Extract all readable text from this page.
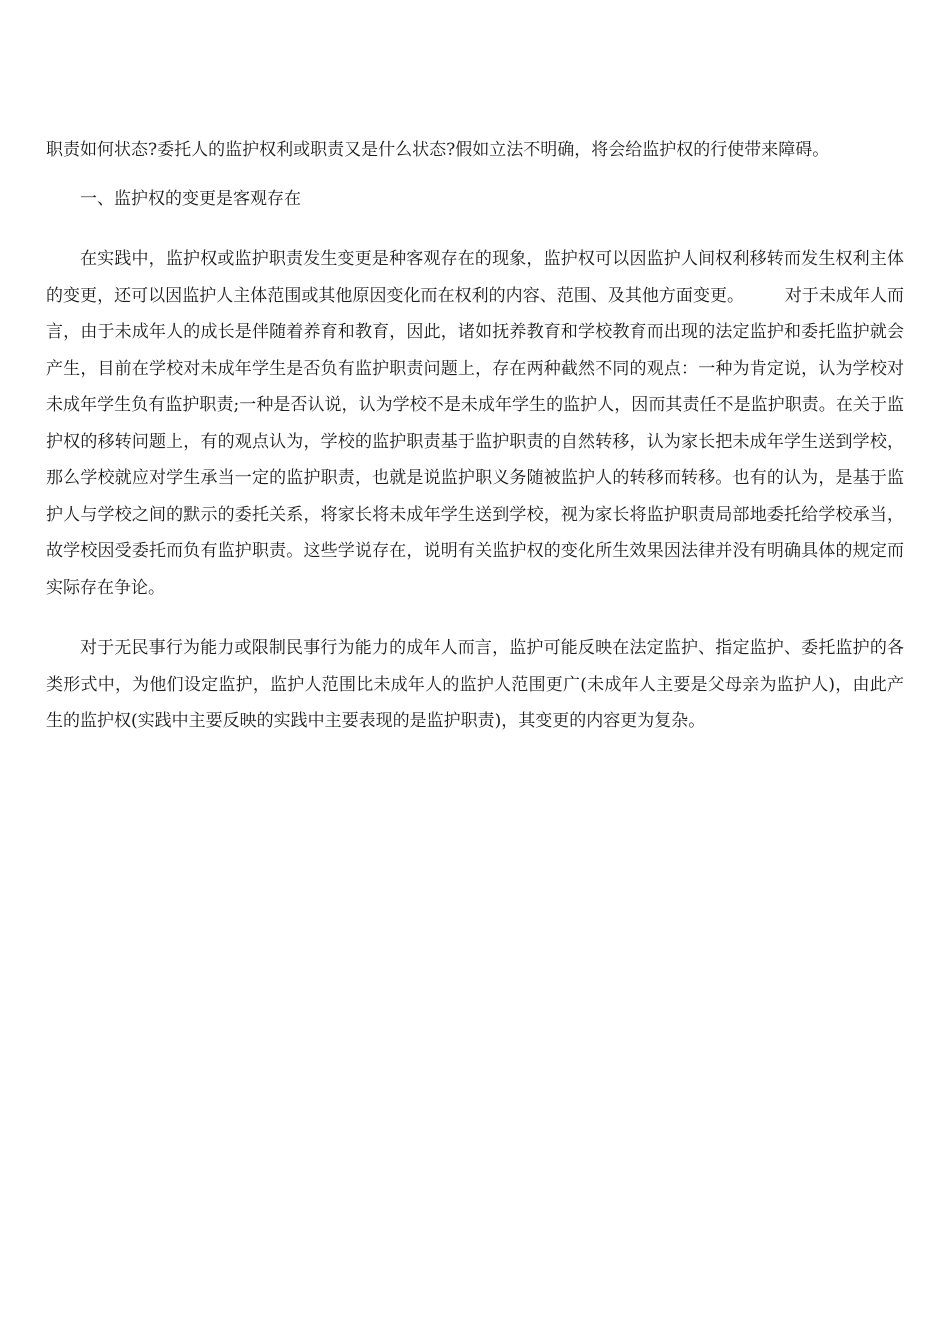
职责如何状态?委托人的监护权利或职责又是什么状态?假如立法不明确，将会给监护权的行使带来障碍。

一、监护权的变更是客观存在

在实践中，监护权或监护职责发生变更是种客观存在的现象，监护权可以因监护人间权利移转而发生权利主体的变更，还可以因监护人主体范围或其他原因变化而在权利的内容、范围、及其他方面变更。 对于未成年人而言，由于未成年人的成长是伴随着养育和教育，因此，诸如抚养教育和学校教育而出现的法定监护和委托监护就会产生，目前在学校对未成年学生是否负有监护职责问题上，存在两种截然不同的观点：一种为肯定说，认为学校对未成年学生负有监护职责;一种是否认说，认为学校不是未成年学生的监护人，因而其责任不是监护职责。在关于监护权的移转问题上，有的观点认为，学校的监护职责基于监护职责的自然转移，认为家长把未成年学生送到学校，那么学校就应对学生承当一定的监护职责，也就是说监护职义务随被监护人的转移而转移。也有的认为，是基于监护人与学校之间的默示的委托关系，将家长将未成年学生送到学校，视为家长将监护职责局部地委托给学校承当，故学校因受委托而负有监护职责。这些学说存在，说明有关监护权的变化所生效果因法律并没有明确具体的规定而实际存在争论。

对于无民事行为能力或限制民事行为能力的成年人而言，监护可能反映在法定监护、指定监护、委托监护的各类形式中，为他们设定监护，监护人范围比未成年人的监护人范围更广(未成年人主要是父母亲为监护人)，由此产生的监护权(实践中主要反映的实践中主要表现的是监护职责)，其变更的内容更为复杂。
